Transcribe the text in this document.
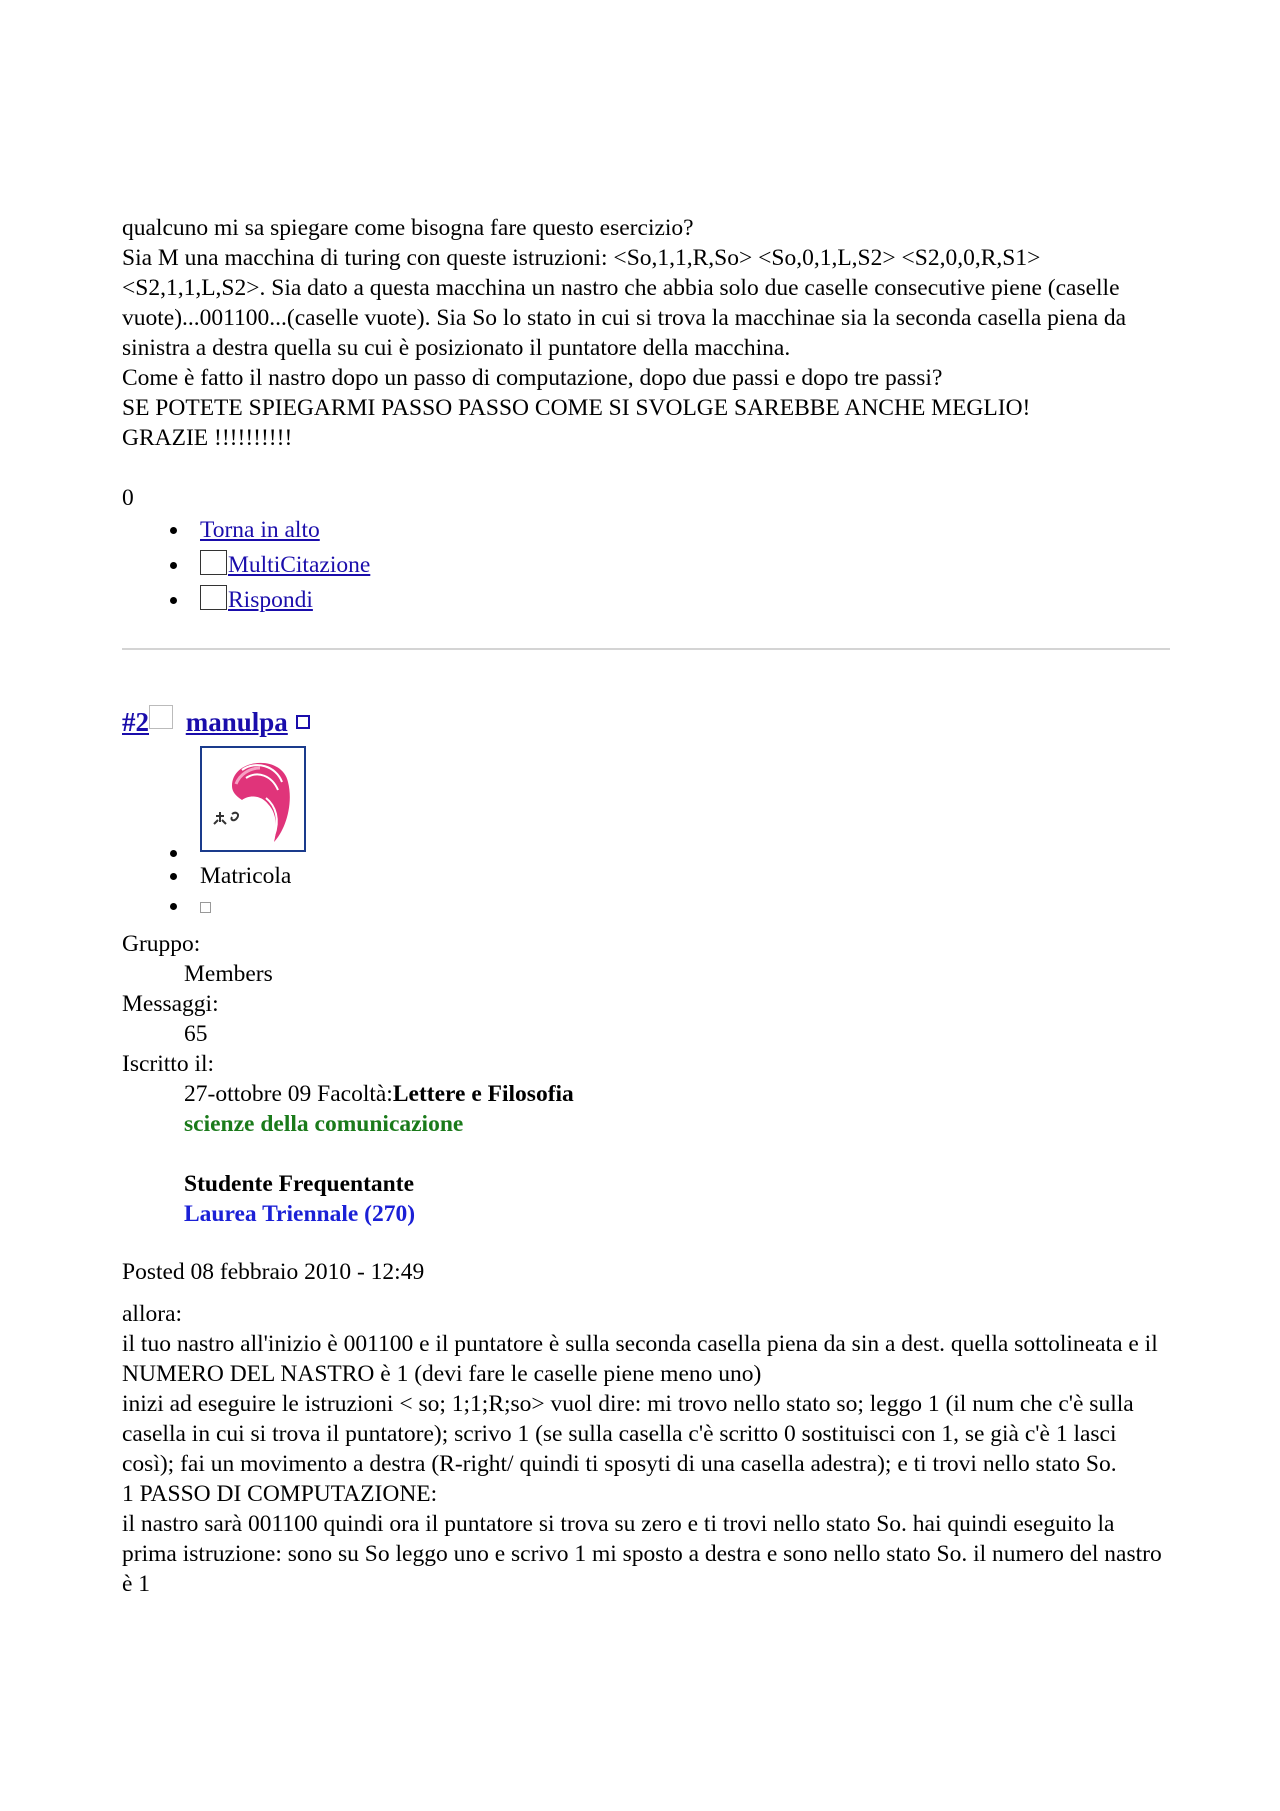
qualcuno mi sa spiegare come bisogna fare questo esercizio?

Sia M una macchina di turing con queste istruzioni: <So,1,1,R,So> <So,0,1,L,S2> <S2,0,0,R,S1> <S2,1,1,L,S2>. Sia dato a questa macchina un nastro che abbia solo due caselle consecutive piene (caselle vuote)...001100...(caselle vuote). Sia So lo stato in cui si trova la macchinae sia la seconda casella piena da sinistra a destra quella su cui è posizionato il puntatore della macchina.

Come è fatto il nastro dopo un passo di computazione, dopo due passi e dopo tre passi?

SE POTETE SPIEGARMI PASSO PASSO COME SI SVOLGE SAREBBE ANCHE MEGLIO!

GRAZIE !!!!!!!!!!

0
Torna in alto
MultiCitazione
Rispondi
#2 manulpa
Matricola
Gruppo:
Members
Messaggi:
65
Iscritto il:
27-ottobre 09 Facoltà:Lettere e Filosofia
scienze della comunicazione
Studente Frequentante
Laurea Triennale (270)
Posted 08 febbraio 2010 - 12:49

allora:

il tuo nastro all'inizio è 001100 e il puntatore è sulla seconda casella piena da sin a dest. quella sottolineata e il NUMERO DEL NASTRO è 1 (devi fare le caselle piene meno uno)

inizi ad eseguire le istruzioni < so; 1;1;R;so> vuol dire: mi trovo nello stato so; leggo 1 (il num che c'è sulla casella in cui si trova il puntatore); scrivo 1 (se sulla casella c'è scritto 0 sostituisci con 1, se già c'è 1 lasci così); fai un movimento a destra (R-right/ quindi ti sposyti di una casella adestra); e ti trovi nello stato So.

1 PASSO DI COMPUTAZIONE:

il nastro sarà 001100 quindi ora il puntatore si trova su zero e ti trovi nello stato So. hai quindi eseguito la prima istruzione: sono su So leggo uno e scrivo 1 mi sposto a destra e sono nello stato So. il numero del nastro è 1
